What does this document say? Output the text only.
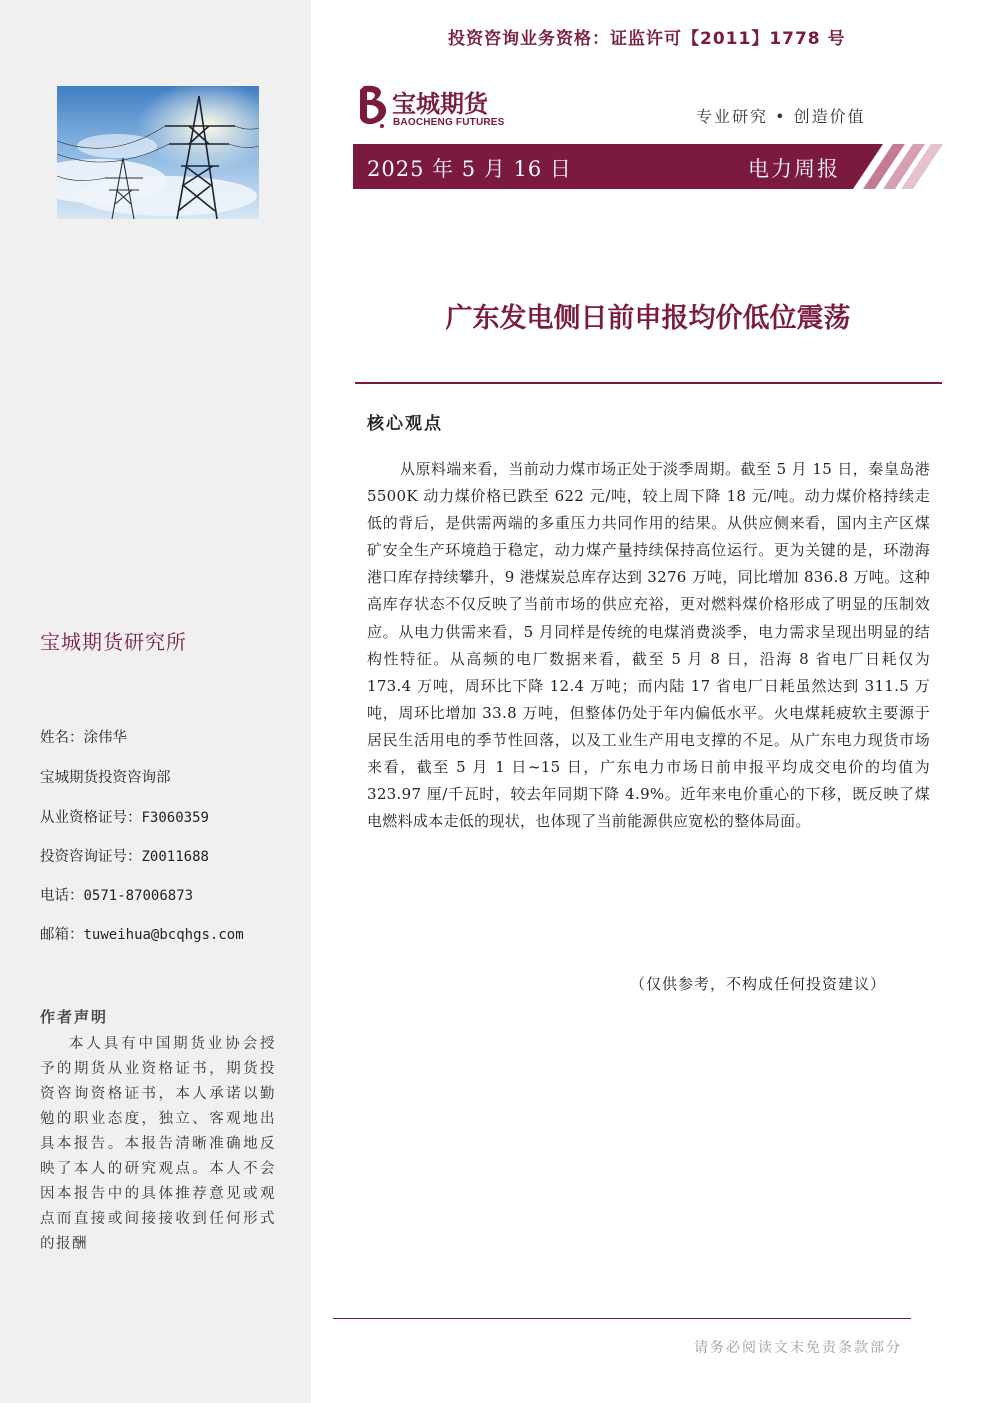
宝城期货研究所
姓名：涂伟华
宝城期货投资咨询部
从业资格证号：F3060359
投资咨询证号：Z0011688
电话：0571-87006873
邮箱：tuweihua@bcqhgs.com
作者声明
本人具有中国期货业协会授予的期货从业资格证书，期货投资咨询资格证书，本人承诺以勤勉的职业态度，独立、客观地出具本报告。本报告清晰准确地反映了本人的研究观点。本人不会因本报告中的具体推荐意见或观点而直接或间接接收到任何形式的报酬
投资咨询业务资格：证监许可【2011】1778 号
宝城期货
BAOCHENG FUTURES	专业研究 • 创造价值
2025 年 5 月 16 日	电力周报
广东发电侧日前申报均价低位震荡
核心观点
从原料端来看，当前动力煤市场正处于淡季周期。截至 5 月 15 日，秦皇岛港 5500K 动力煤价格已跌至 622 元/吨，较上周下降 18 元/吨。动力煤价格持续走低的背后，是供需两端的多重压力共同作用的结果。从供应侧来看，国内主产区煤矿安全生产环境趋于稳定，动力煤产量持续保持高位运行。更为关键的是，环渤海港口库存持续攀升，9 港煤炭总库存达到 3276 万吨，同比增加 836.8 万吨。这种高库存状态不仅反映了当前市场的供应充裕，更对燃料煤价格形成了明显的压制效应。从电力供需来看，5 月同样是传统的电煤消费淡季，电力需求呈现出明显的结构性特征。从高频的电厂数据来看，截至 5 月 8 日，沿海 8 省电厂日耗仅为 173.4 万吨，周环比下降 12.4 万吨；而内陆 17 省电厂日耗虽然达到 311.5 万吨，周环比增加 33.8 万吨，但整体仍处于年内偏低水平。火电煤耗疲软主要源于居民生活用电的季节性回落，以及工业生产用电支撑的不足。从广东电力现货市场来看，截至 5 月 1 日~15 日，广东电力市场日前申报平均成交电价的均值为 323.97 厘/千瓦时，较去年同期下降 4.9%。近年来电价重心的下移，既反映了煤电燃料成本走低的现状，也体现了当前能源供应宽松的整体局面。
（仅供参考，不构成任何投资建议）
请务必阅读文末免责条款部分
